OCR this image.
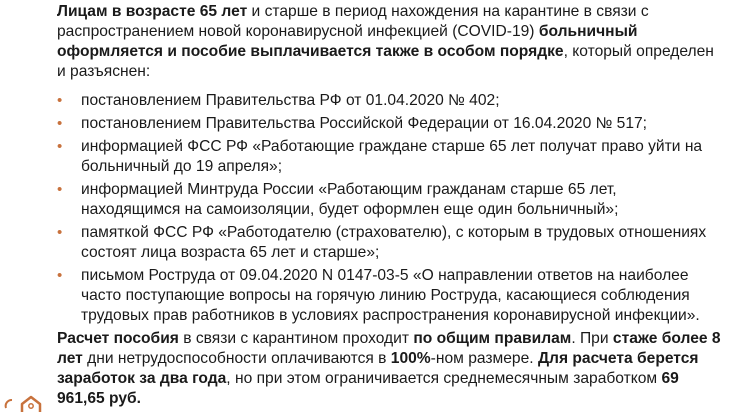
Лицам в возрасте 65 лет и старше в период нахождения на карантине в связи с распространением новой коронавирусной инфекцией (COVID-19) больничный оформляется и пособие выплачивается также в особом порядке, который определен и разъяснен:

• постановлением Правительства РФ от 01.04.2020 № 402;
• постановлением Правительства Российской Федерации от 16.04.2020 № 517;
• информацией ФСС РФ «Работающие граждане старше 65 лет получат право уйти на больничный до 19 апреля»;
• информацией Минтруда России «Работающим гражданам старше 65 лет, находящимся на самоизоляции, будет оформлен еще один больничный»;
• памяткой ФСС РФ «Работодателю (страхователю), с которым в трудовых отношениях состоят лица возраста 65 лет и старше»;
• письмом Роструда от 09.04.2020 N 0147-03-5 «О направлении ответов на наиболее часто поступающие вопросы на горячую линию Роструда, касающиеся соблюдения трудовых прав работников в условиях распространения коронавирусной инфекции».

Расчет пособия в связи с карантином проходит по общим правилам. При стаже более 8 лет дни нетрудоспособности оплачиваются в 100%-ном размере. Для расчета берется заработок за два года, но при этом ограничивается среднемесячным заработком 69 961,65 руб.
